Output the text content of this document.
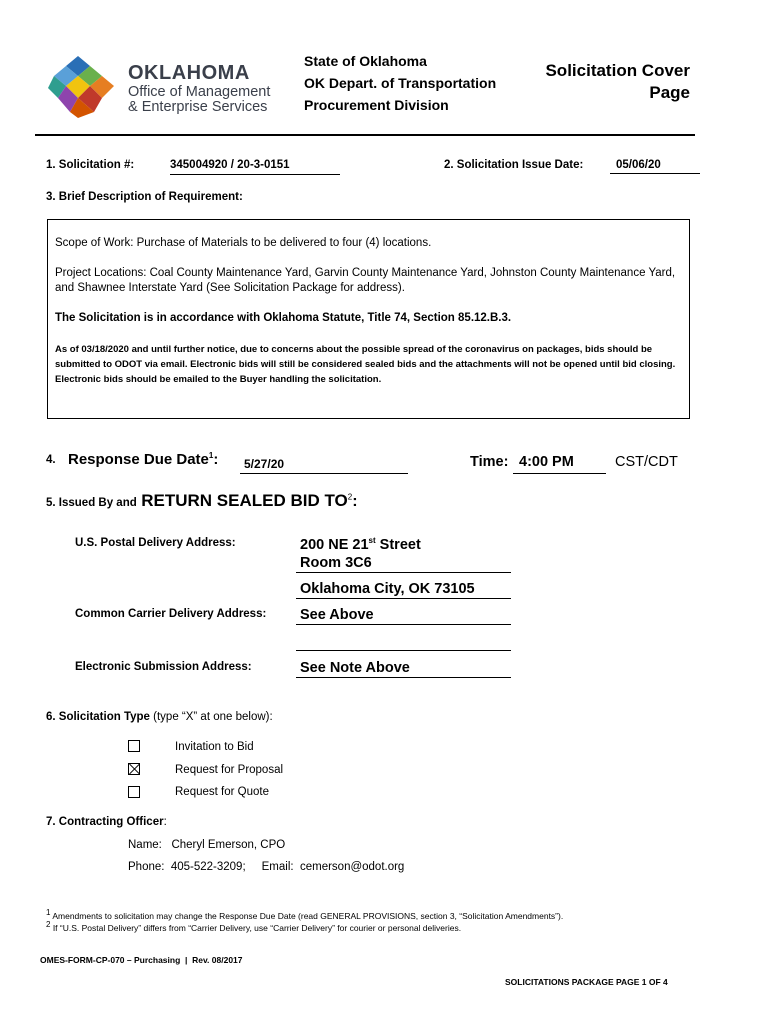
OKLAHOMA
Office of Management
& Enterprise Services
State of Oklahoma
OK Depart. of Transportation
Procurement Division
Solicitation Cover
Page
1. Solicitation #:	345004920 / 20-3-0151	2. Solicitation Issue Date:	05/06/20
3. Brief Description of Requirement:

Scope of Work: Purchase of Materials to be delivered to four (4) locations.

Project Locations: Coal County Maintenance Yard, Garvin County Maintenance Yard, Johnston County Maintenance Yard, and Shawnee Interstate Yard (See Solicitation Package for address).

The Solicitation is in accordance with Oklahoma Statute, Title 74, Section 85.12.B.3.

As of 03/18/2020 and until further notice, due to concerns about the possible spread of the coronavirus on packages, bids should be submitted to ODOT via email. Electronic bids will still be considered sealed bids and the attachments will not be opened until bid closing. Electronic bids should be emailed to the Buyer handling the solicitation.

4. Response Due Date$^1$:	5/27/20	Time: 4:00 PM	CST/CDT
5. Issued By and RETURN SEALED BID $TO^2$:
U.S. Postal Delivery Address:	200 NE 21st Street
Room 3C6
Oklahoma City, OK 73105
Common Carrier Delivery Address: See Above
Electronic Submission Address:	See Note Above
6. Solicitation Type (type “X” at one below):
Invitation to Bid
Request for Proposal
Request for Quote
7. Contracting Officer:
Name:   Cheryl Emerson, CPO
Phone:  405-522-3209;     Email:  cemerson@odot.org
$^1$ Amendments to solicitation may change the Response Due Date (read GENERAL PROVISIONS, section 3, “Solicitation Amendments”).
$^2$ If “U.S. Postal Delivery” differs from “Carrier Delivery, use “Carrier Delivery” for courier or personal deliveries.
OMES-FORM-CP-070 – Purchasing  |  Rev. 08/2017
SOLICITATIONS PACKAGE PAGE 1 OF 4
